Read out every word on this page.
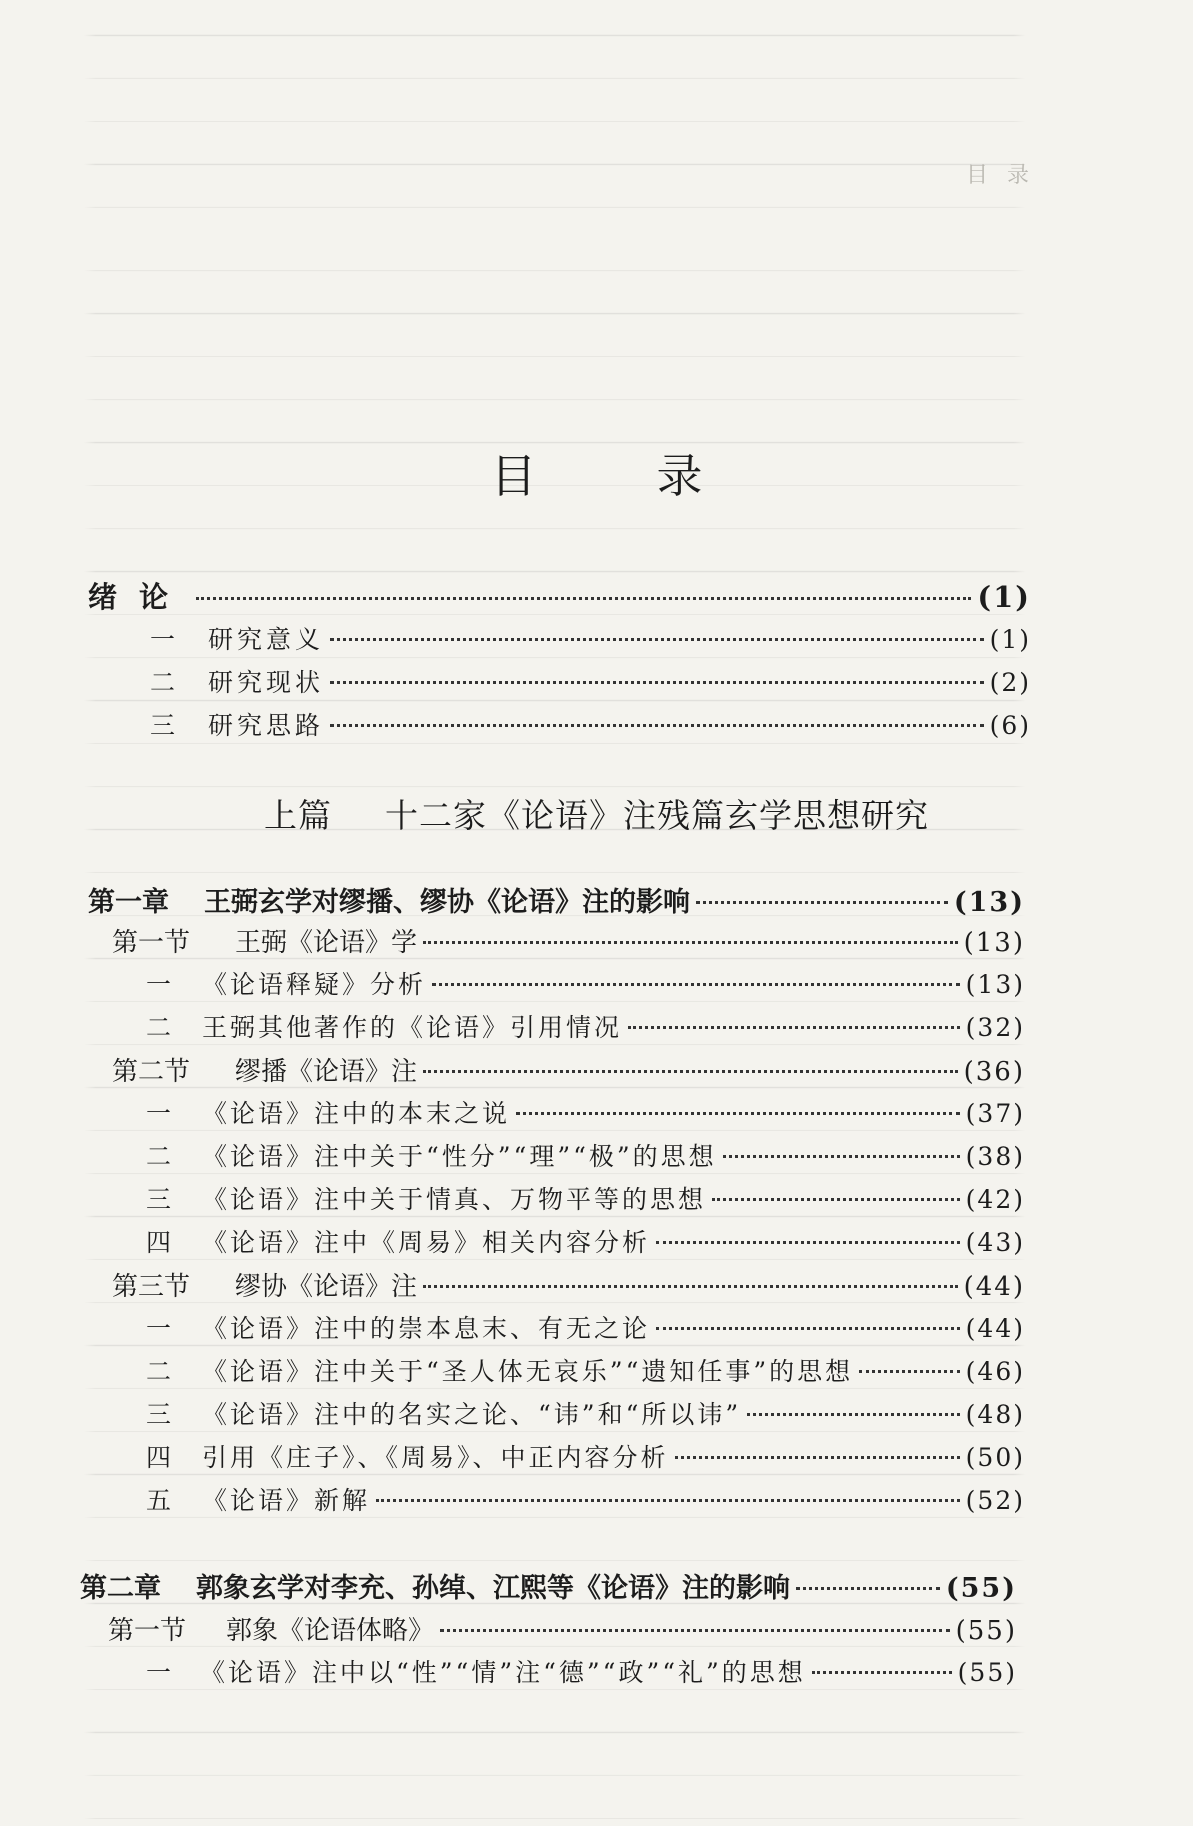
目 录
目录
绪论	(1)
一	研究意义	(1)
二	研究现状	(2)
三	研究思路	(6)
上篇 十二家《论语》注残篇玄学思想研究
第一章	王弼玄学对缪播、缪协《论语》注的影响	(13)
第一节	王弼《论语》学	(13)
一	《论语释疑》分析	(13)
二	王弼其他著作的《论语》引用情况	(32)
第二节	缪播《论语》注	(36)
一	《论语》注中的本末之说	(37)
二	《论语》注中关于“性分”“理”“极”的思想	(38)
三	《论语》注中关于情真、万物平等的思想	(42)
四	《论语》注中《周易》相关内容分析	(43)
第三节	缪协《论语》注	(44)
一	《论语》注中的崇本息末、有无之论	(44)
二	《论语》注中关于“圣人体无哀乐”“遗知任事”的思想	(46)
三	《论语》注中的名实之论、“讳”和“所以讳”	(48)
四	引用《庄子》、《周易》、中正内容分析	(50)
五	《论语》新解	(52)
第二章	郭象玄学对李充、孙绰、江熙等《论语》注的影响	(55)
第一节	郭象《论语体略》	(55)
一	《论语》注中以“性”“情”注“德”“政”“礼”的思想	(55)
